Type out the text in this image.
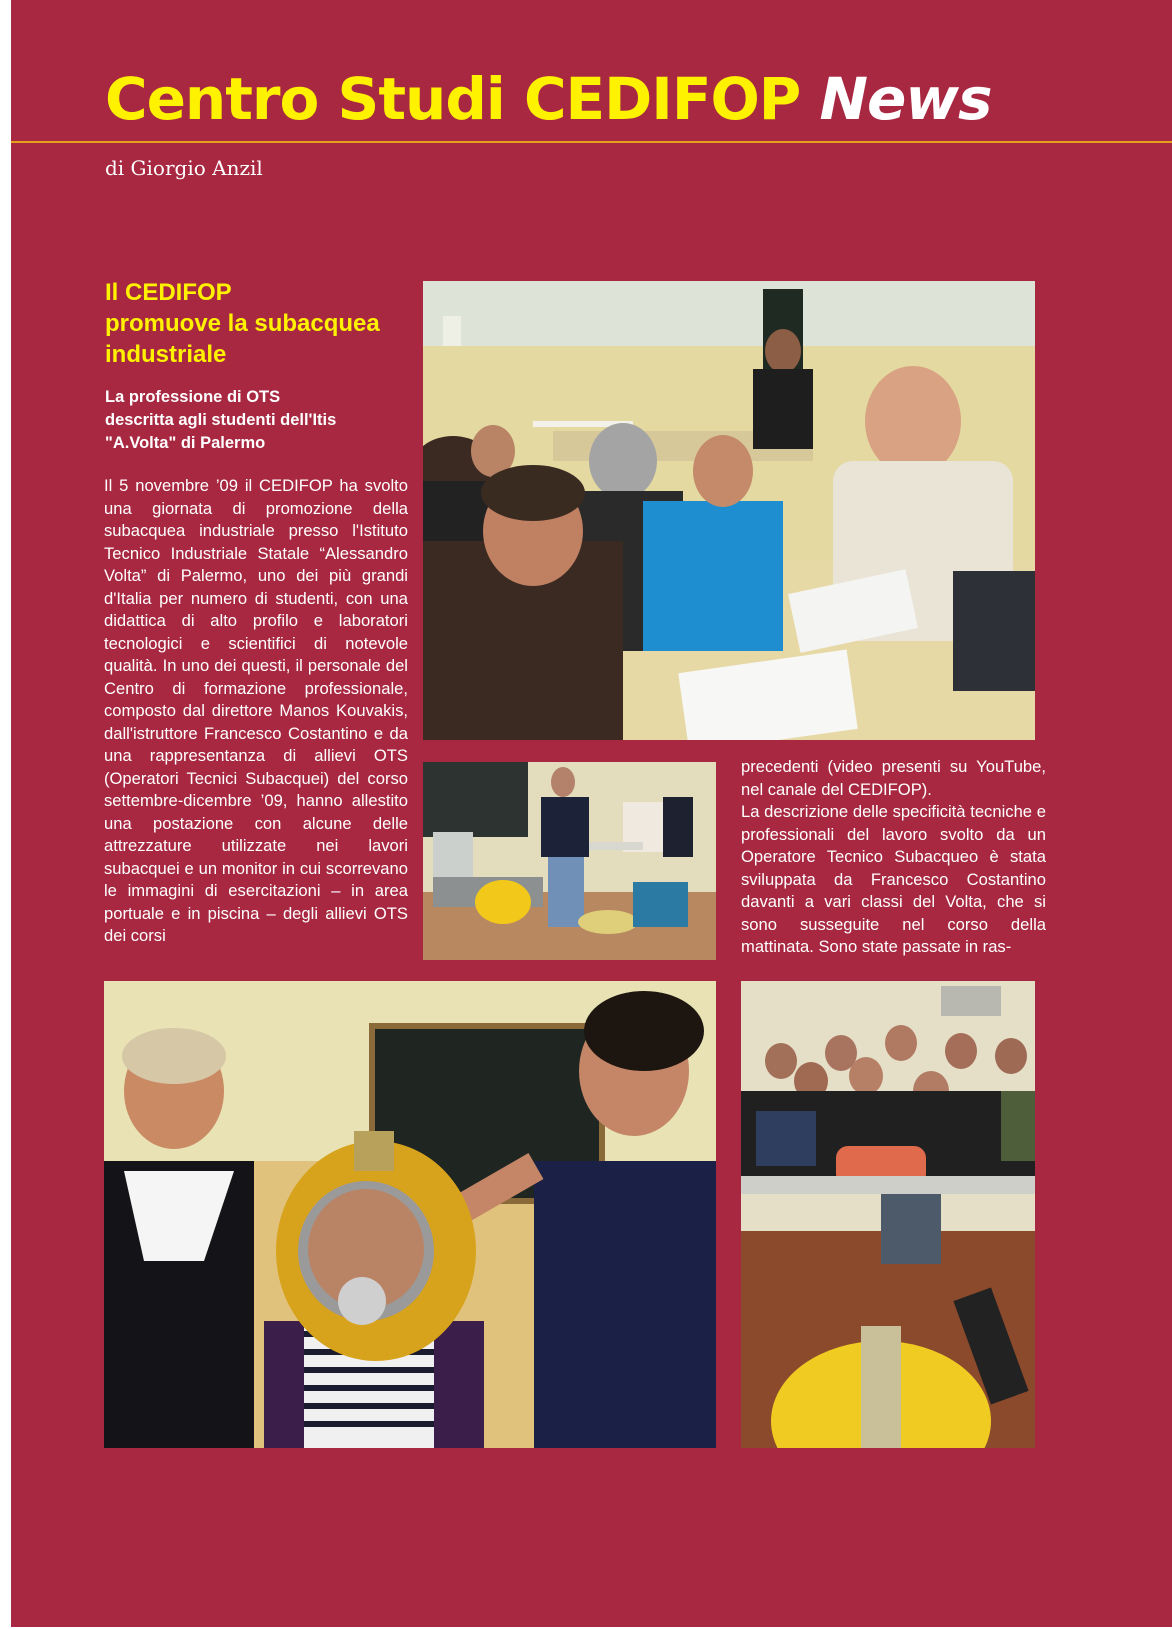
Centro Studi CEDIFOP News
di Giorgio Anzil
Il CEDIFOP
promuove la subacquea
industriale
La professione di OTS
descritta agli studenti dell'Itis
"A.Volta" di Palermo

Il 5 novembre ’09 il CEDIFOP ha svolto una giornata di promozione della subacquea industriale presso l'Istituto Tecnico Industriale Statale “Alessandro Volta” di Palermo, uno dei più grandi d'Italia per numero di studenti, con una didattica di alto profilo e laboratori tecnologici e scientifici di notevole qualità. In uno dei questi, il personale del Centro di formazione professionale, composto dal direttore Manos Kouvakis, dall'istruttore Francesco Costantino e da una rappresentanza di allievi OTS (Operatori Tecnici Subacquei) del corso settembre-dicembre ’09, hanno allestito una postazione con alcune delle attrezzature utilizzate nei lavori subacquei e un monitor in cui scorrevano le immagini di esercitazioni – in area portuale e in piscina – degli allievi OTS dei corsi

precedenti (video presenti su YouTube, nel canale del CEDIFOP).

La descrizione delle specificità tecniche e professionali del lavoro svolto da un Operatore Tecnico Subacqueo è stata sviluppata da Francesco Costantino davanti a vari classi del Volta, che si sono susseguite nel corso della mattinata. Sono state passate in ras-
